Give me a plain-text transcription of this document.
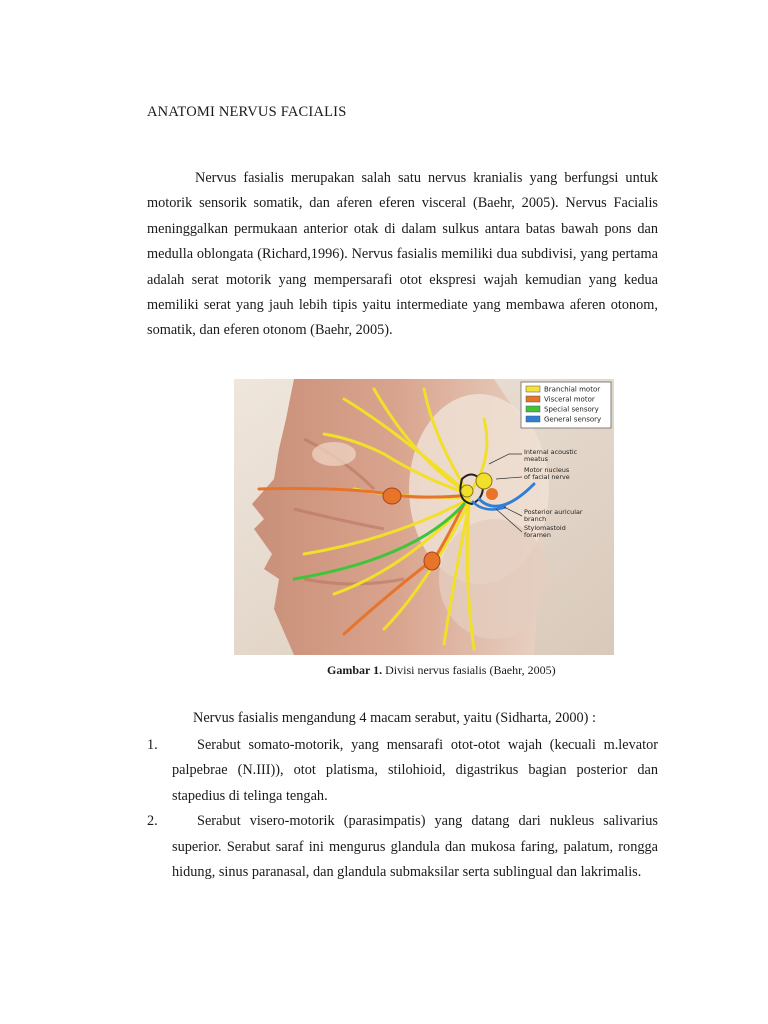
ANATOMI NERVUS FACIALIS

Nervus fasialis merupakan salah satu nervus kranialis yang berfungsi untuk motorik sensorik somatik, dan aferen eferen visceral (Baehr, 2005). Nervus Facialis meninggalkan permukaan anterior otak di dalam sulkus antara batas bawah pons dan medulla oblongata (Richard,1996). Nervus fasialis memiliki dua subdivisi, yang pertama adalah serat motorik yang mempersarafi otot ekspresi wajah kemudian yang kedua memiliki serat yang jauh lebih tipis yaitu intermediate yang membawa aferen otonom, somatik, dan eferen otonom (Baehr, 2005).

Branchial motor
Visceral motor
Special sensory
General sensory
Internal acoustic
meatus
Motor nucleus
of facial nerve
Posterior auricular
branch
Stylomastoid
foramen

Gambar 1. Divisi nervus fasialis (Baehr, 2005)

Nervus fasialis mengandung 4 macam serabut, yaitu (Sidharta, 2000) :

1.	Serabut somato-motorik, yang mensarafi otot-otot wajah (kecuali m.levator palpebrae (N.III)), otot platisma, stilohioid, digastrikus bagian posterior dan stapedius di telinga tengah.
2.	Serabut visero-motorik (parasimpatis) yang datang dari nukleus salivarius superior. Serabut saraf ini mengurus glandula dan mukosa faring, palatum, rongga hidung, sinus paranasal, dan glandula submaksilar serta sublingual dan lakrimalis.
